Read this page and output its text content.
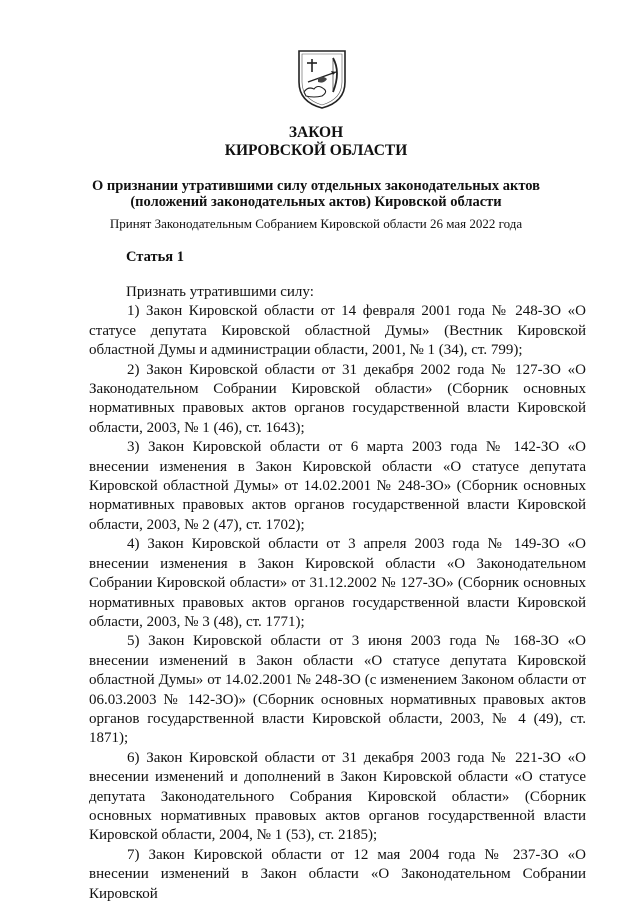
ЗАКОН
КИРОВСКОЙ ОБЛАСТИ
О признании утратившими силу отдельных законодательных актов
(положений законодательных актов) Кировской области
Принят Законодательным Собранием Кировской области 26 мая 2022 года
Статья 1

Признать утратившими силу:

1) Закон Кировской области от 14 февраля 2001 года № 248-ЗО «О статусе депутата Кировской областной Думы» (Вестник Кировской областной Думы и администрации области, 2001, № 1 (34), ст. 799);

2) Закон Кировской области от 31 декабря 2002 года № 127-ЗО «О Законодательном Собрании Кировской области» (Сборник основных нормативных правовых актов органов государственной власти Кировской области, 2003, № 1 (46), ст. 1643);

3) Закон Кировской области от 6 марта 2003 года № 142-ЗО «О внесении изменения в Закон Кировской области «О статусе депутата Кировской областной Думы» от 14.02.2001 № 248-ЗО» (Сборник основных нормативных правовых актов органов государственной власти Кировской области, 2003, № 2 (47), ст. 1702);

4) Закон Кировской области от 3 апреля 2003 года № 149-ЗО «О внесении изменения в Закон Кировской области «О Законодательном Собрании Кировской области» от 31.12.2002 № 127-ЗО» (Сборник основных нормативных правовых актов органов государственной власти Кировской области, 2003, № 3 (48), ст. 1771);

5) Закон Кировской области от 3 июня 2003 года № 168-ЗО «О внесении изменений в Закон области «О статусе депутата Кировской областной Думы» от 14.02.2001 № 248-ЗО (с изменением Законом области от 06.03.2003 № 142-ЗО)» (Сборник основных нормативных правовых актов органов государственной власти Кировской области, 2003, № 4 (49), ст. 1871);

6) Закон Кировской области от 31 декабря 2003 года № 221-ЗО «О внесении изменений и дополнений в Закон Кировской области «О статусе депутата Законодательного Собрания Кировской области» (Сборник основных нормативных правовых актов органов государственной власти Кировской области, 2004, № 1 (53), ст. 2185);

7) Закон Кировской области от 12 мая 2004 года № 237-ЗО «О внесении изменений в Закон области «О Законодательном Собрании Кировской
